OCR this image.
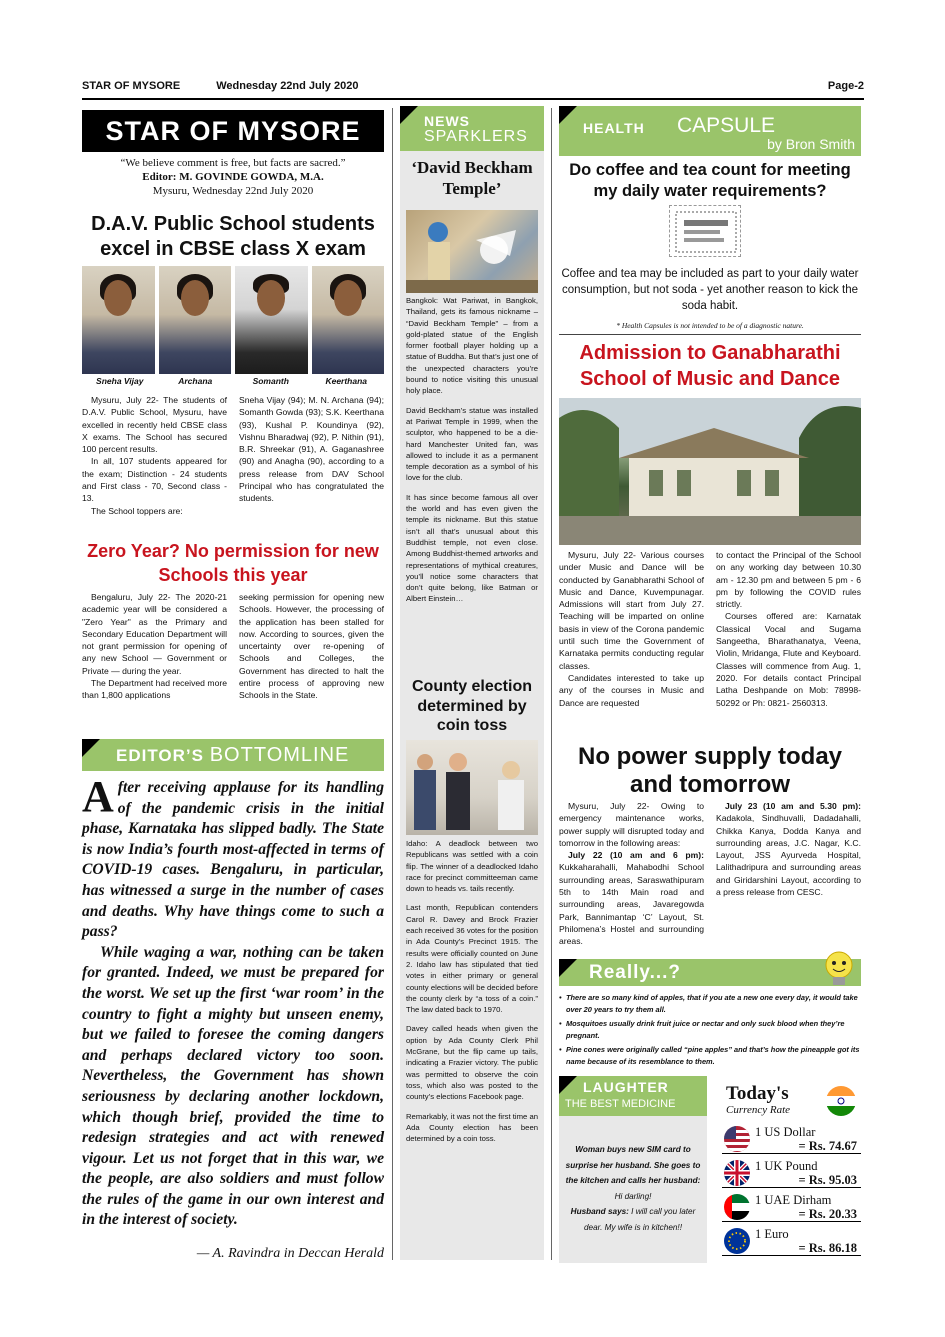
STAR OF MYSORE	Wednesday 22nd July 2020	Page-2
STAR OF MYSORE
“We believe comment is free, but facts are sacred.”
Editor: M. GOVINDE GOWDA, M.A.
Mysuru, Wednesday 22nd July 2020
D.A.V. Public School students excel in CBSE class X exam
Sneha Vijay	Archana	Somanth	Keerthana

Mysuru, July 22- The students of D.A.V. Public School, Mysuru, have excelled in recently held CBSE class X exams. The School has secured 100 percent results.

In all, 107 students appeared for the exam; Distinction - 24 students and First class - 70, Second class - 13.

The School toppers are:

Sneha Vijay (94); M. N. Archana (94); Somanth Gowda (93); S.K. Keerthana (93), Kushal P. Koundinya (92), Vishnu Bharadwaj (92), P. Nithin (91), B.R. Shreekar (91), A. Gaganashree (90) and Anagha (90), according to a press release from DAV School Principal who has congratulated the students.

Zero Year? No permission for new Schools this year

Bengaluru, July 22- The 2020-21 academic year will be considered a "Zero Year" as the Primary and Secondary Education Department will not grant permission for opening of any new School — Government or Private — during the year.

The Department had received more than 1,800 applications

seeking permission for opening new Schools. However, the processing of the application has been stalled for now. According to sources, given the uncertainty over re-opening of Schools and Colleges, the Government has directed to halt the entire process of approving new Schools in the State.

EDITOR’S BOTTOMLINE

After receiving applause for its handling of the pandemic crisis in the initial phase, Karnataka has slipped badly. The State is now India’s fourth most-affected in terms of COVID-19 cases. Bengaluru, in particular, has witnessed a surge in the number of cases and deaths. Why have things come to such a pass?

While waging a war, nothing can be taken for granted. Indeed, we must be prepared for the worst. We set up the first ‘war room’ in the country to fight a mighty but unseen enemy, but we failed to foresee the coming dangers and perhaps declared victory too soon. Nevertheless, the Government has shown seriousness by declaring another lockdown, which though brief, provided the time to redesign strategies and act with renewed vigour. Let us not forget that in this war, we the people, are also soldiers and must follow the rules of the game in our own interest and in the interest of society.

— A. Ravindra in Deccan Herald
NEWS
SPARKLERS
‘David Beckham Temple’

Bangkok: Wat Pariwat, in Bangkok, Thailand, gets its famous nickname – “David Beckham Temple” – from a gold-plated statue of the English former football player holding up a statue of Buddha. But that’s just one of the unexpected characters you’re bound to notice visiting this unusual holy place.

David Beckham’s statue was installed at Pariwat Temple in 1999, when the sculptor, who happened to be a die-hard Manchester United fan, was allowed to include it as a permanent temple decoration as a symbol of his love for the club.

It has since become famous all over the world and has even given the temple its nickname. But this statue isn’t all that’s unusual about this Buddhist temple, not even close. Among Buddhist-themed artworks and representations of mythical creatures, you’ll notice some characters that don’t quite belong, like Batman or Albert Einstein…

County election determined by coin toss

Idaho: A deadlock between two Republicans was settled with a coin flip. The winner of a deadlocked Idaho race for precinct committeeman came down to heads vs. tails recently.

Last month, Republican contenders Carol R. Davey and Brock Frazier each received 36 votes for the position in Ada County’s Precinct 1915. The results were officially counted on June 2. Idaho law has stipulated that tied votes in either primary or general county elections will be decided before the county clerk by “a toss of a coin.” The law dated back to 1970.

Davey called heads when given the option by Ada County Clerk Phil McGrane, but the flip came up tails, indicating a Frazier victory. The public was permitted to observe the coin toss, which also was posted to the county’s elections Facebook page.

Remarkably, it was not the first time an Ada County election has been determined by a coin toss.

HEALTH CAPSULE
by Bron Smith
Do coffee and tea count for meeting my daily water requirements?
Coffee and tea may be included as part to your daily water consumption, but not soda - yet another reason to kick the soda habit.
* Health Capsules is not intended to be of a diagnostic nature.
Admission to Ganabharathi School of Music and Dance

Mysuru, July 22- Various courses under Music and Dance will be conducted by Ganabharathi School of Music and Dance, Kuvempunagar. Admissions will start from July 27. Teaching will be imparted on online basis in view of the Corona pandemic until such time the Government of Karnataka permits conducting regular classes.

Candidates interested to take up any of the courses in Music and Dance are requested

to contact the Principal of the School on any working day between 10.30 am - 12.30 pm and between 5 pm - 6 pm by following the COVID rules strictly.

Courses offered are: Karnatak Classical Vocal and Sugama Sangeetha, Bharathanatya, Veena, Violin, Mridanga, Flute and Keyboard. Classes will commence from Aug. 1, 2020. For details contact Principal Latha Deshpande on Mob: 78998-50292 or Ph: 0821- 2560313.

No power supply today and tomorrow

Mysuru, July 22- Owing to emergency maintenance works, power supply will disrupted today and tomorrow in the following areas:

July 22 (10 am and 6 pm): Kukkaharahalli, Mahabodhi School surrounding areas, Saraswathipuram 5th to 14th Main road and surrounding areas, Javaregowda Park, Bannimantap ‘C’ Layout, St. Philomena’s Hostel and surrounding areas.

July 23 (10 am and 5.30 pm): Kadakola, Sindhuvalli, Dadadahalli, Chikka Kanya, Dodda Kanya and surrounding areas, J.C. Nagar, K.C. Layout, JSS Ayurveda Hospital, Lalithadripura and surrounding areas and Giridarshini Layout, according to a press release from CESC.

Really...?
• There are so many kind of apples, that if you ate a new one every day, it would take over 20 years to try them all.
• Mosquitoes usually drink fruit juice or nectar and only suck blood when they’re pregnant.
• Pine cones were originally called “pine apples” and that’s how the pineapple got its name because of its resemblance to them.
LAUGHTER
THE BEST MEDICINE
Woman buys new SIM card to surprise her husband. She goes to the kitchen and calls her husband: Hi darling!
Husband says: I will call you later dear. My wife is in kitchen!!
Today's
Currency Rate
1 US Dollar
= Rs. 74.67
1 UK Pound
= Rs. 95.03
1 UAE Dirham
= Rs. 20.33
1 Euro
= Rs. 86.18
